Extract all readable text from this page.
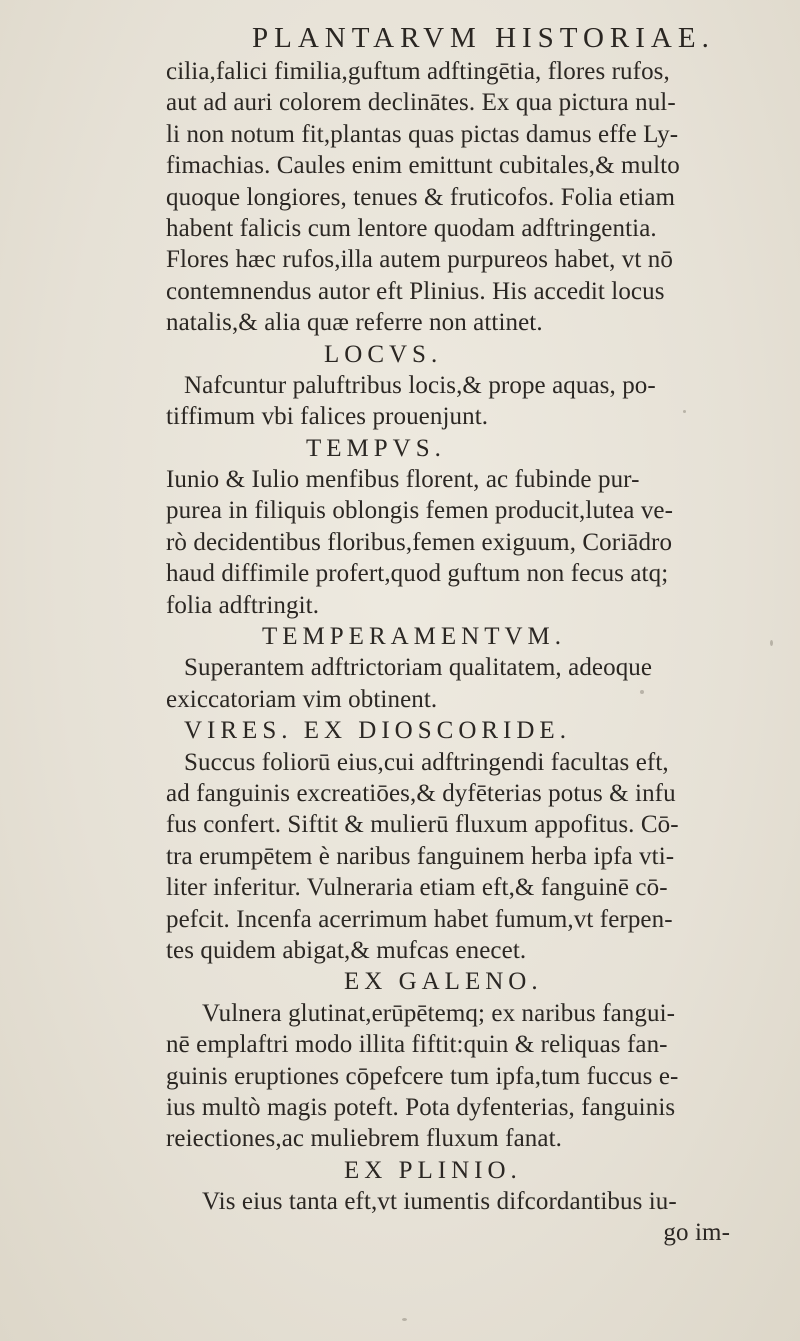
PLANTARVM HISTORIAE.
cilia,falici fimilia,guftum adftingētia, flores rufos,
aut ad auri colorem declinātes. Ex qua pictura nul-
li non notum fit,plantas quas pictas damus effe Ly-
fimachias. Caules enim emittunt cubitales,& multo
quoque longiores, tenues & fruticofos. Folia etiam
habent falicis cum lentore quodam adftringentia.
Flores hæc rufos,illa autem purpureos habet, vt nō
contemnendus autor eft Plinius. His accedit locus
natalis,& alia quæ referre non attinet.
LOCVS.
Nafcuntur paluftribus locis,& prope aquas, po-
tiffimum vbi falices prouenjunt.
TEMPVS.
Iunio & Iulio menfibus florent, ac fubinde pur-
purea in filiquis oblongis femen producit,lutea ve-
rò decidentibus floribus,femen exiguum, Coriādro
haud diffimile profert,quod guftum non fecus atq;
folia adftringit.
TEMPERAMENTVM.
Superantem adftrictoriam qualitatem, adeoque
exiccatoriam vim obtinent.
VIRES. EX DIOSCORIDE.
Succus foliorū eius,cui adftringendi facultas eft,
ad fanguinis excreatiōes,& dyfēterias potus & infu
fus confert. Siftit & mulierū fluxum appofitus. Cō-
tra erumpētem è naribus fanguinem herba ipfa vti-
liter inferitur. Vulneraria etiam eft,& fanguinē cō-
pefcit. Incenfa acerrimum habet fumum,vt ferpen-
tes quidem abigat,& mufcas enecet.
EX GALENO.
Vulnera glutinat,erūpētemq; ex naribus fangui-
nē emplaftri modo illita fiftit:quin & reliquas fan-
guinis eruptiones cōpefcere tum ipfa,tum fuccus e-
ius multò magis poteft. Pota dyfenterias, fanguinis
reiectiones,ac muliebrem fluxum fanat.
EX PLINIO.
Vis eius tanta eft,vt iumentis difcordantibus iu-
go im-
